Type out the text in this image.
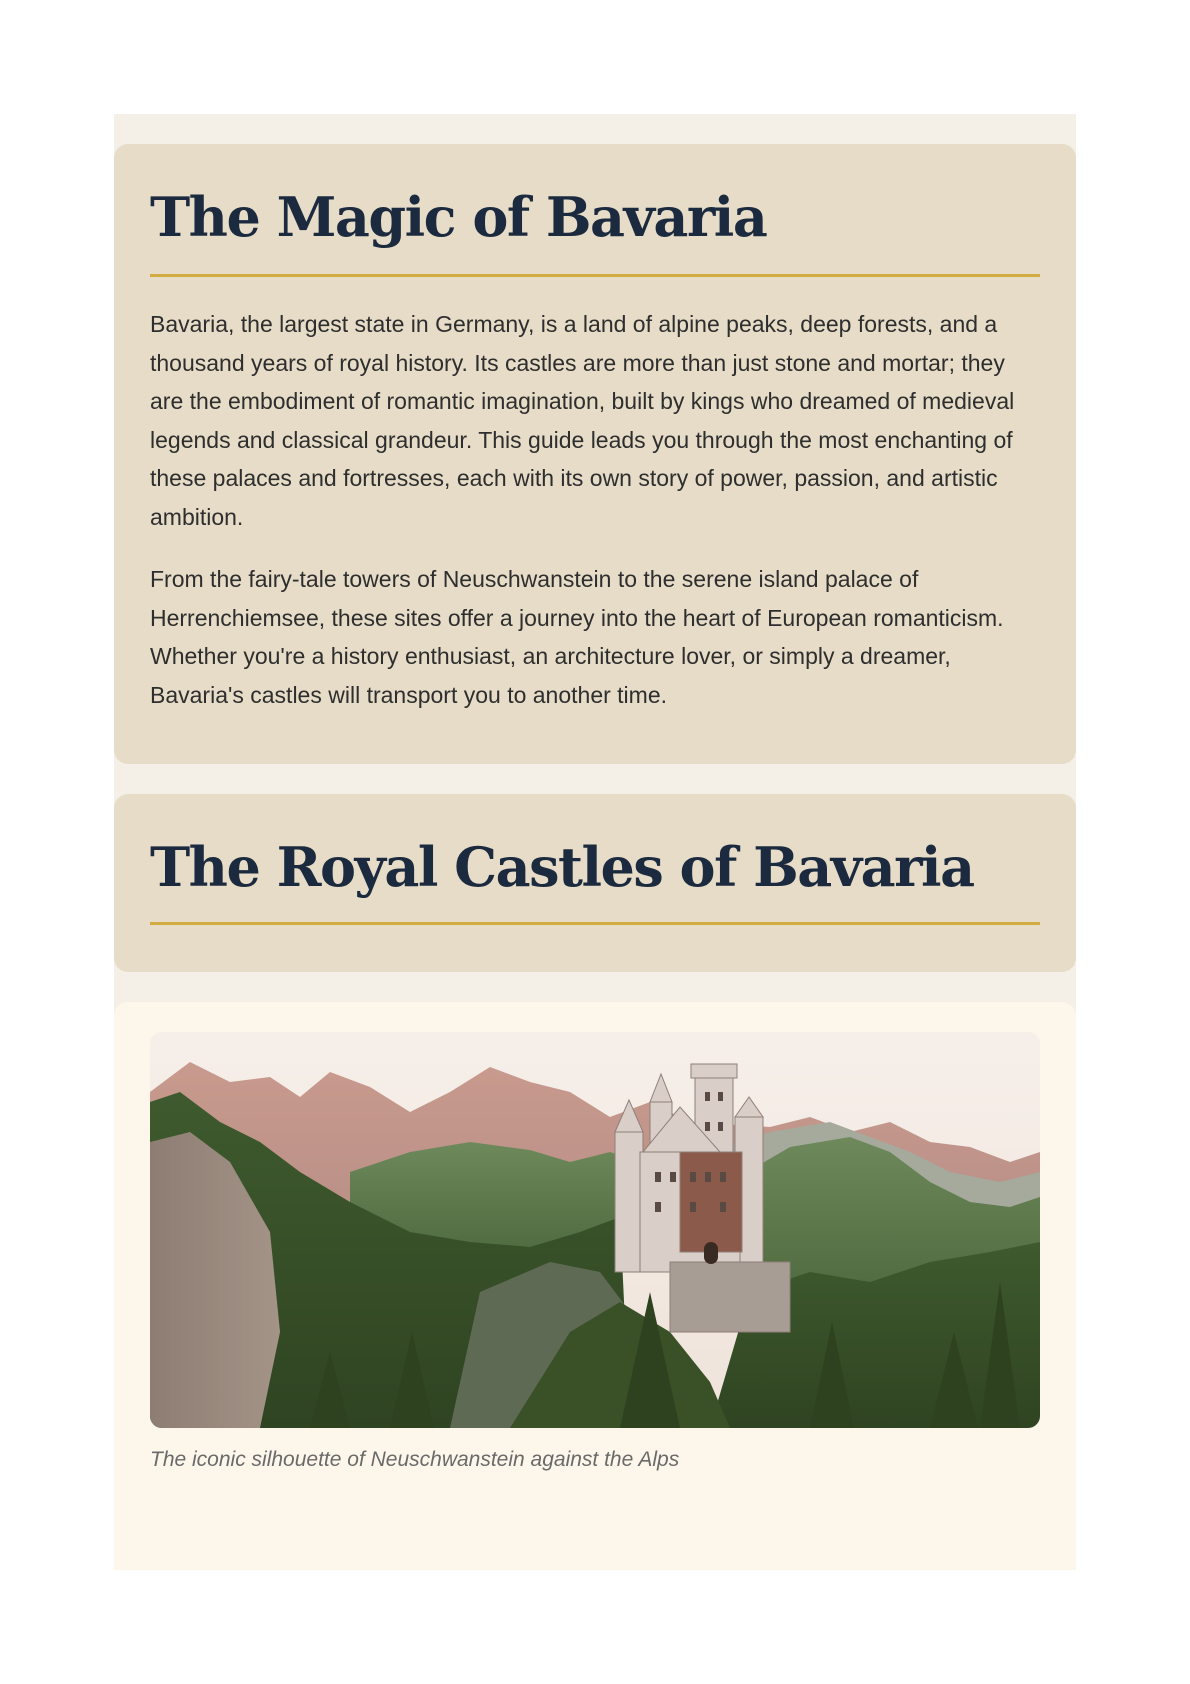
The Magic of Bavaria

Bavaria, the largest state in Germany, is a land of alpine peaks, deep forests, and a thousand years of royal history. Its castles are more than just stone and mortar; they are the embodiment of romantic imagination, built by kings who dreamed of medieval legends and classical grandeur. This guide leads you through the most enchanting of these palaces and fortresses, each with its own story of power, passion, and artistic ambition.

From the fairy-tale towers of Neuschwanstein to the serene island palace of Herrenchiemsee, these sites offer a journey into the heart of European romanticism. Whether you're a history enthusiast, an architecture lover, or simply a dreamer, Bavaria's castles will transport you to another time.

The Royal Castles of Bavaria

The iconic silhouette of Neuschwanstein against the Alps
